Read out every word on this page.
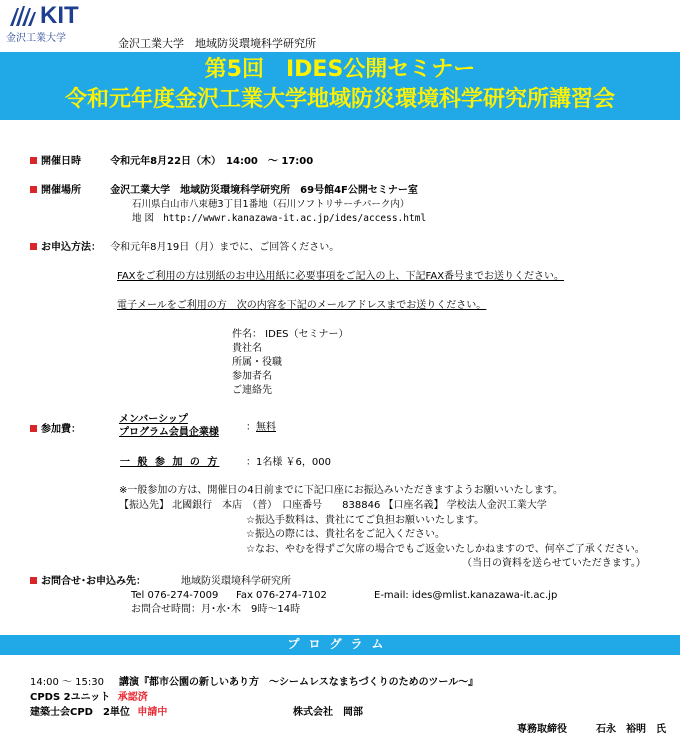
KIT
金沢工業大学	金沢工業大学　地域防災環境科学研究所
第5回　IDES公開セミナー
令和元年度金沢工業大学地域防災環境科学研究所講習会
開催日時	令和元年8月22日（木）　14:00　～ 17:00
開催場所	金沢工業大学　地域防災環境科学研究所　69号館4F公開セミナー室
石川県白山市八束穂3丁目1番地（石川ソフトリサーチパーク内）
地 図 http://wwwr.kanazawa-it.ac.jp/ides/access.html
お申込方法： 令和元年8月19日（月）までに、ご回答ください。
FAXをご利用の方は別紙のお申込用紙に必要事項をご記入の上、下記FAX番号までお送りください。
電子メールをご利用の方　次の内容を下記のメールアドレスまでお送りください。
件名： IDES（セミナー）
貴社名
所属・役職
参加者名
ご連絡先
参加費：
メンバーシップ
プログラム会員企業様	：無料
一 般 参 加 の 方	：1名様 ￥6，000
※一般参加の方は、開催日の4日前までに下記口座にお振込みいただきますようお願いいたします。
【振込先】 北國銀行　本店　（普）　口座番号　　838846 【口座名義】 学校法人金沢工業大学
☆振込手数料は、貴社にてご負担お願いいたします。
☆振込の際には、貴社名をご記入ください。
☆なお、やむを得ずご欠席の場合でもご返金いたしかねますので、何卒ご了承ください。
（当日の資料を送らせていただきます。）
お問合せ･お申込み先：	地域防災環境科学研究所
Tel 076-274-7009 Fax 076-274-7102	E-mail: ides@mlist.kanazawa-it.ac.jp
お問合せ時間：月･水･木　9時～14時
プログラム
14:00 ～ 15:30 講演『都市公園の新しいあり方　～シームレスなまちづくりのためのツール～』
CPDS 2ユニット 承認済
建築士会CPD　2単位 申請中	株式会社　岡部
専務取締役	石永　裕明　氏
